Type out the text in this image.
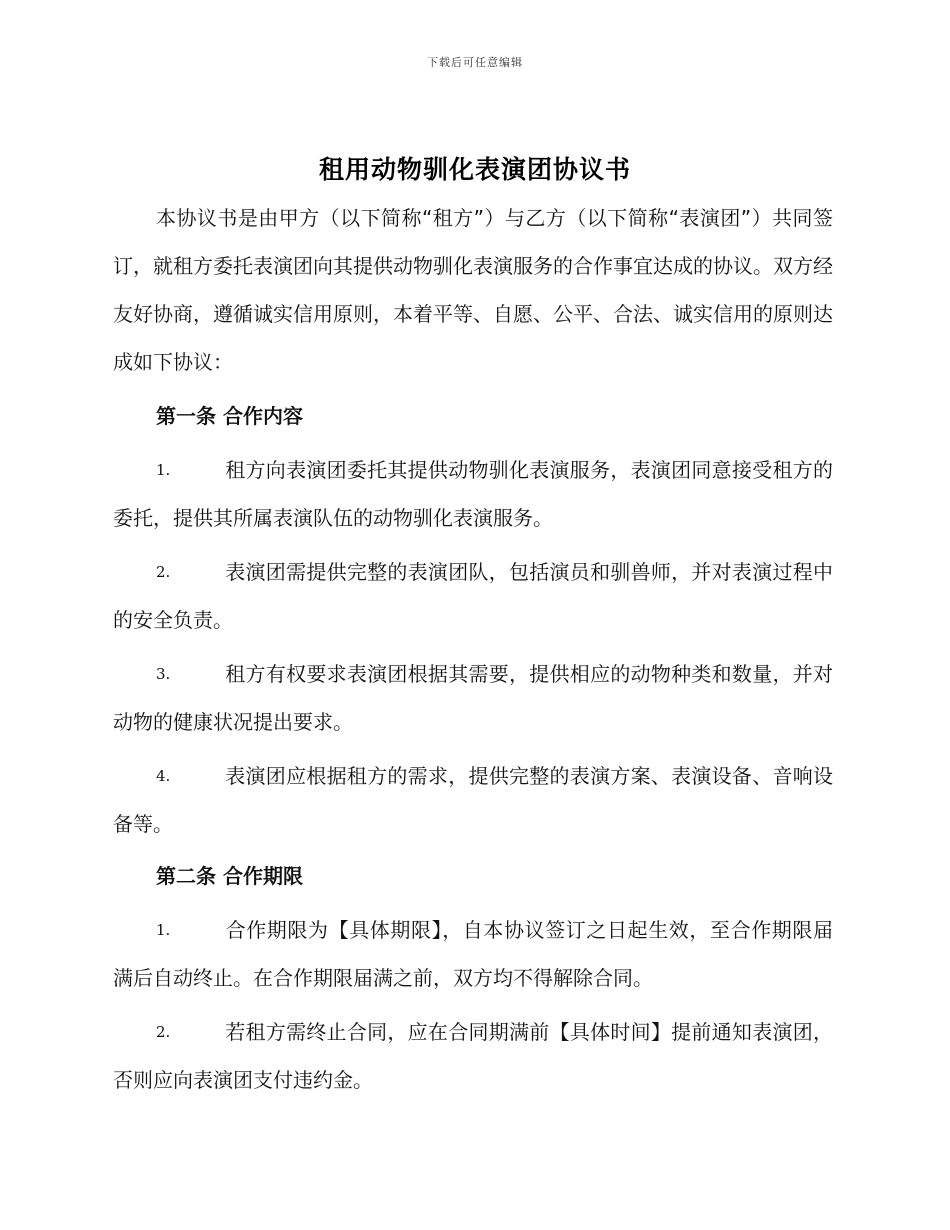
下载后可任意编辑
租用动物驯化表演团协议书

本协议书是由甲方（以下简称“租方”）与乙方（以下简称“表演团”）共同签订，就租方委托表演团向其提供动物驯化表演服务的合作事宜达成的协议。双方经友好协商，遵循诚实信用原则，本着平等、自愿、公平、合法、诚实信用的原则达成如下协议：

第一条 合作内容

1.	租方向表演团委托其提供动物驯化表演服务，表演团同意接受租方的委托，提供其所属表演队伍的动物驯化表演服务。

2.	表演团需提供完整的表演团队，包括演员和驯兽师，并对表演过程中的安全负责。

3.	租方有权要求表演团根据其需要，提供相应的动物种类和数量，并对动物的健康状况提出要求。

4.	表演团应根据租方的需求，提供完整的表演方案、表演设备、音响设备等。

第二条 合作期限

1.	合作期限为【具体期限】，自本协议签订之日起生效，至合作期限届满后自动终止。在合作期限届满之前，双方均不得解除合同。

2.	若租方需终止合同，应在合同期满前【具体时间】提前通知表演团，否则应向表演团支付违约金。
